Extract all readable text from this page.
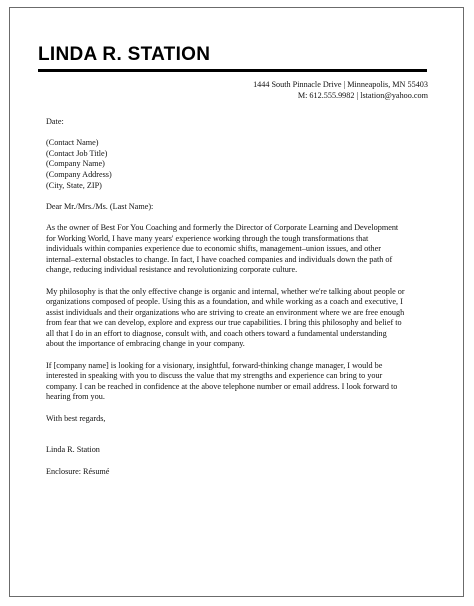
LINDA R. STATION
1444 South Pinnacle Drive | Minneapolis, MN 55403
M: 612.555.9982 | lstation@yahoo.com

Date:

(Contact Name)
(Contact Job Title)
(Company Name)
(Company Address)
(City, State, ZIP)

Dear Mr./Mrs./Ms. (Last Name):

As the owner of Best For You Coaching and formerly the Director of Corporate Learning and Development
for Working World, I have many years' experience working through the tough transformations that
individuals within companies experience due to economic shifts, management–union issues, and other
internal–external obstacles to change. In fact, I have coached companies and individuals down the path of
change, reducing individual resistance and revolutionizing corporate culture.
My philosophy is that the only effective change is organic and internal, whether we're talking about people or
organizations composed of people. Using this as a foundation, and while working as a coach and executive, I
assist individuals and their organizations who are striving to create an environment where we are free enough
from fear that we can develop, explore and express our true capabilities. I bring this philosophy and belief to
all that I do in an effort to diagnose, consult with, and coach others toward a fundamental understanding
about the importance of embracing change in your company.
If [company name] is looking for a visionary, insightful, forward-thinking change manager, I would be
interested in speaking with you to discuss the value that my strengths and experience can bring to your
company. I can be reached in confidence at the above telephone number or email address. I look forward to
hearing from you.

With best regards,

Linda R. Station

Enclosure: Résumé
